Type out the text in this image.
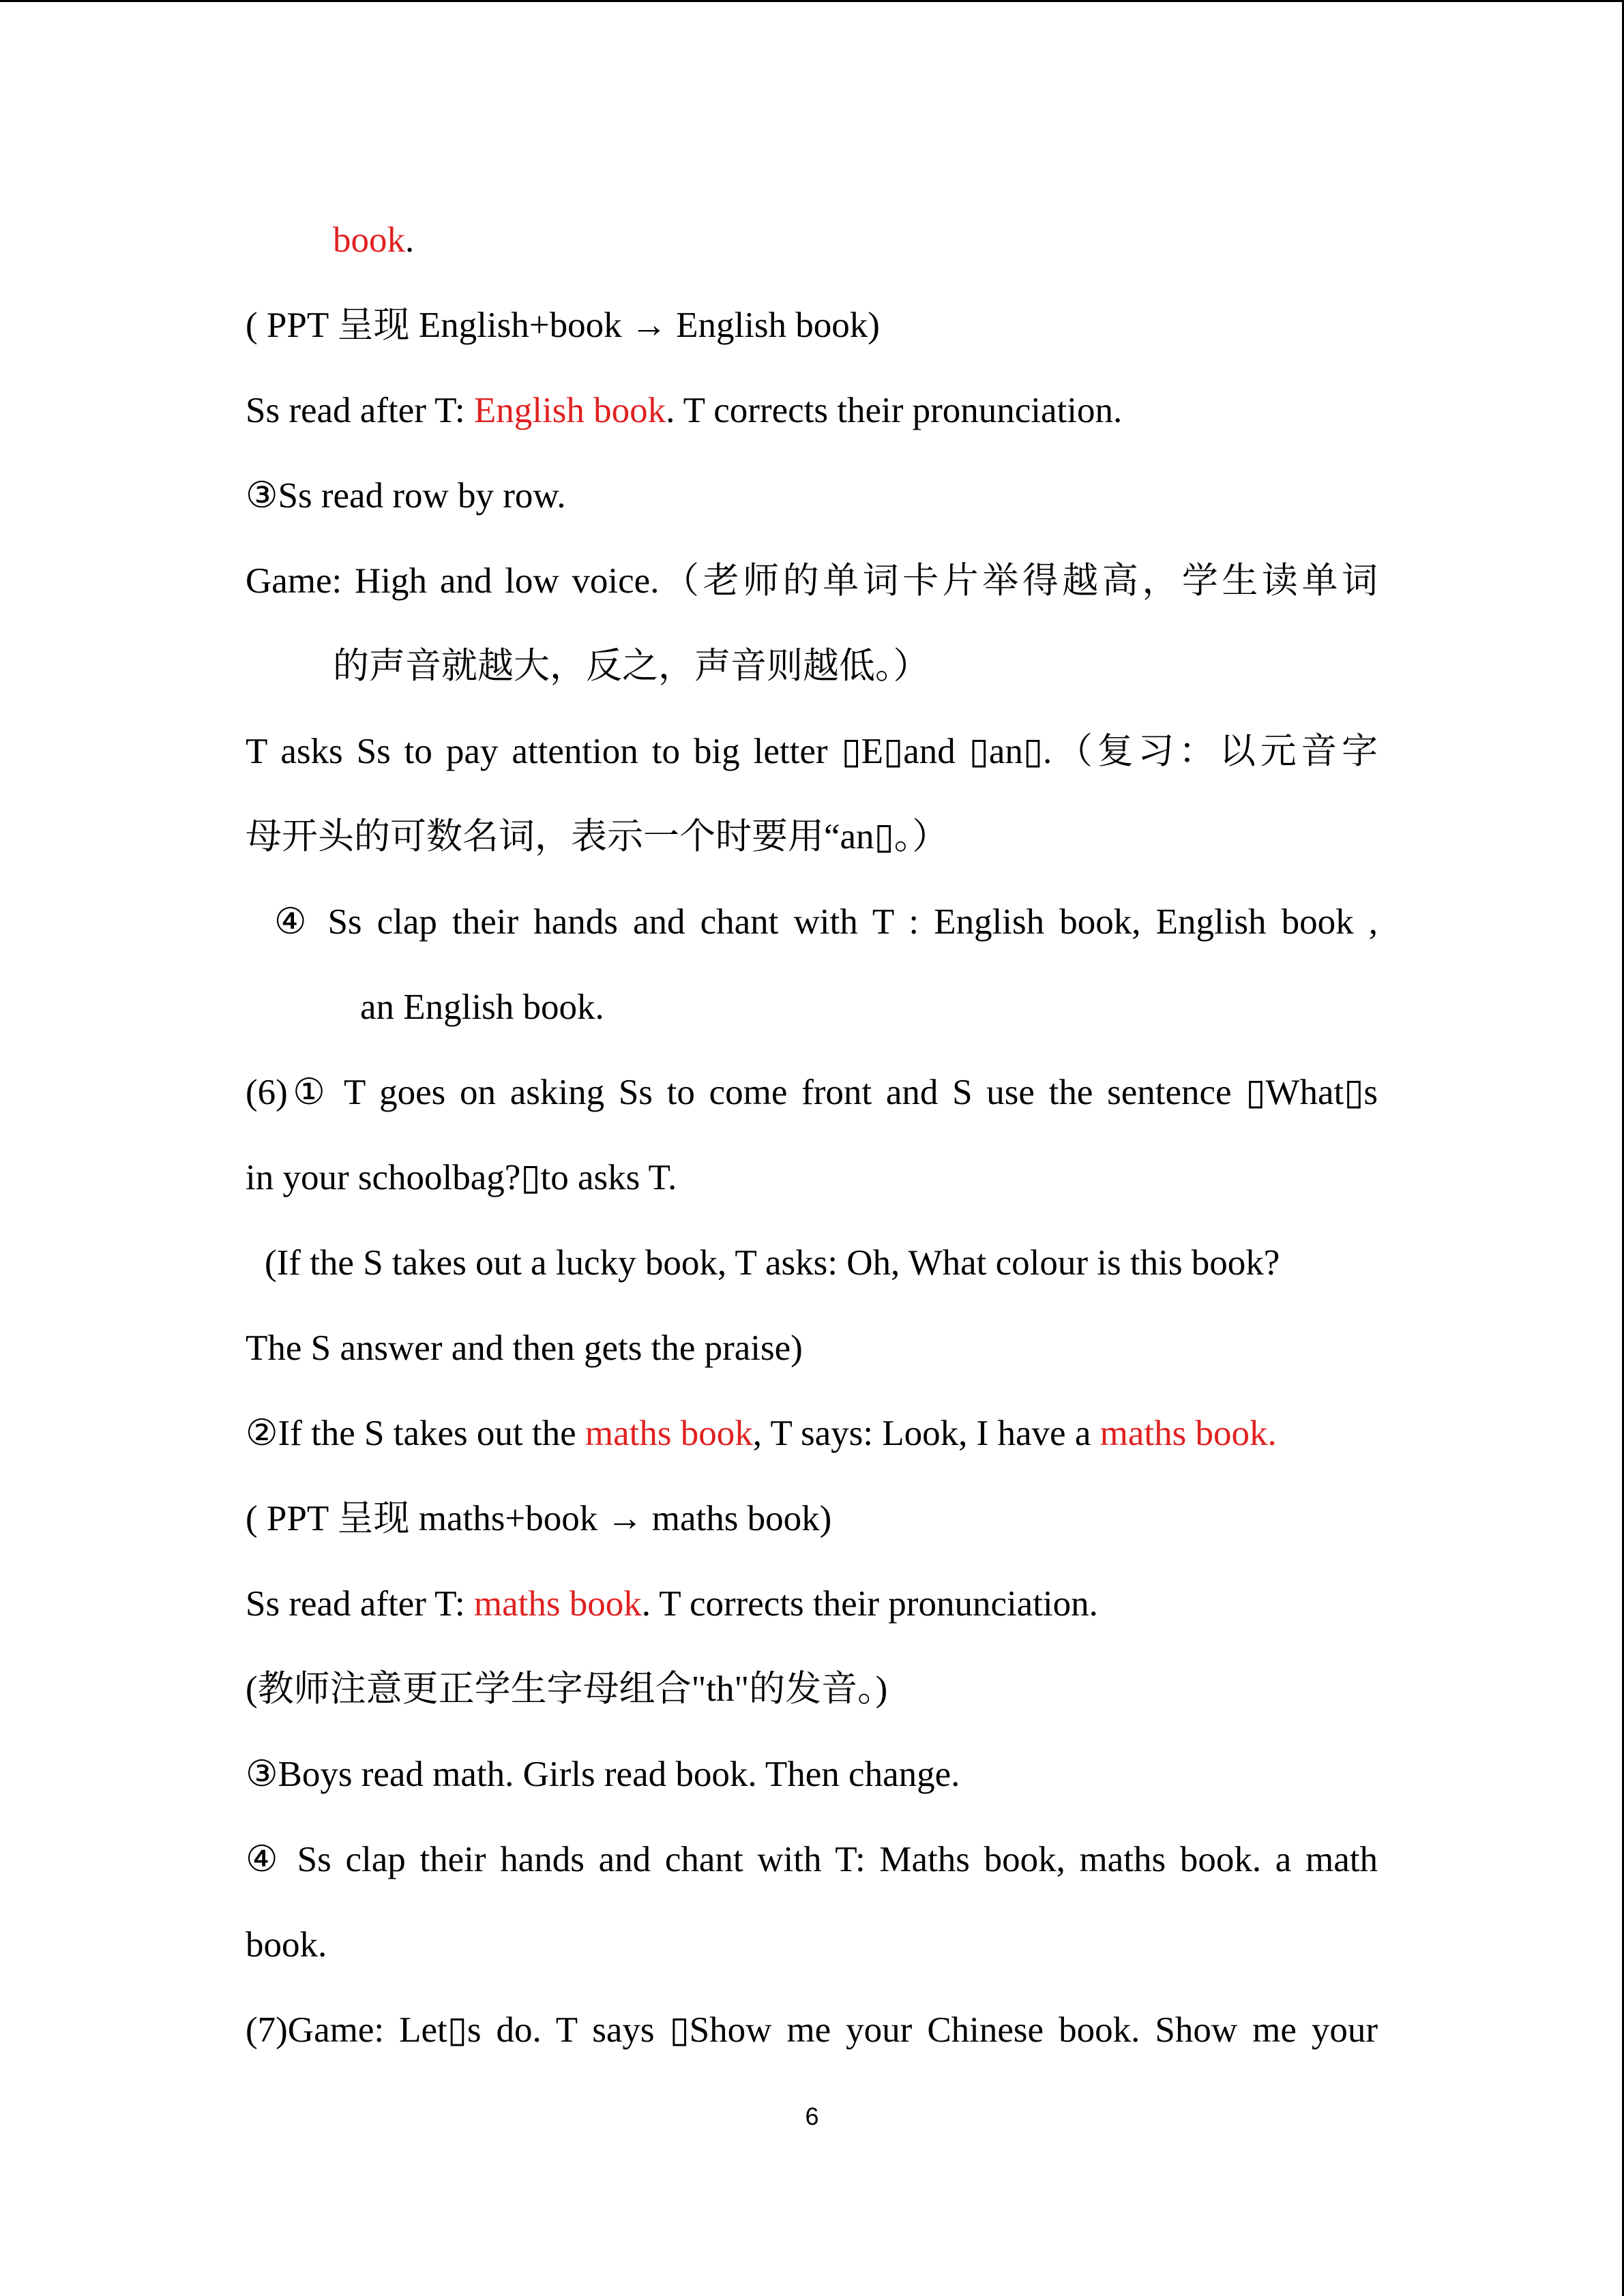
book.
( PPT 呈现 English+book → English book)
Ss read after T: English book. T corrects their pronunciation.
③Ss read row by row.
Game: High and low voice.（老师的单词卡片举得越高，学生读单词
的声音就越大，反之，声音则越低。）
T asks Ss to pay attention to big letter ▯E▯and ▯an▯.（复习：以元音字
母开头的可数名词，表示一个时要用“an▯。）
④ Ss clap their hands and chant with T : English book, English book ,
an English book.
(6)① T goes on asking Ss to come front and S use the sentence ▯What▯s
in your schoolbag?▯to asks T.
(If the S takes out a lucky book, T asks: Oh, What colour is this book?
The S answer and then gets the praise)
②If the S takes out the maths book, T says: Look, I have a maths book.
( PPT 呈现 maths+book → maths book)
Ss read after T: maths book. T corrects their pronunciation.
(教师注意更正学生字母组合"th"的发音。)
③Boys read math. Girls read book. Then change.
④ Ss clap their hands and chant with T: Maths book, maths book. a math
book.
(7)Game: Let▯s do. T says ▯Show me your Chinese book. Show me your
6
